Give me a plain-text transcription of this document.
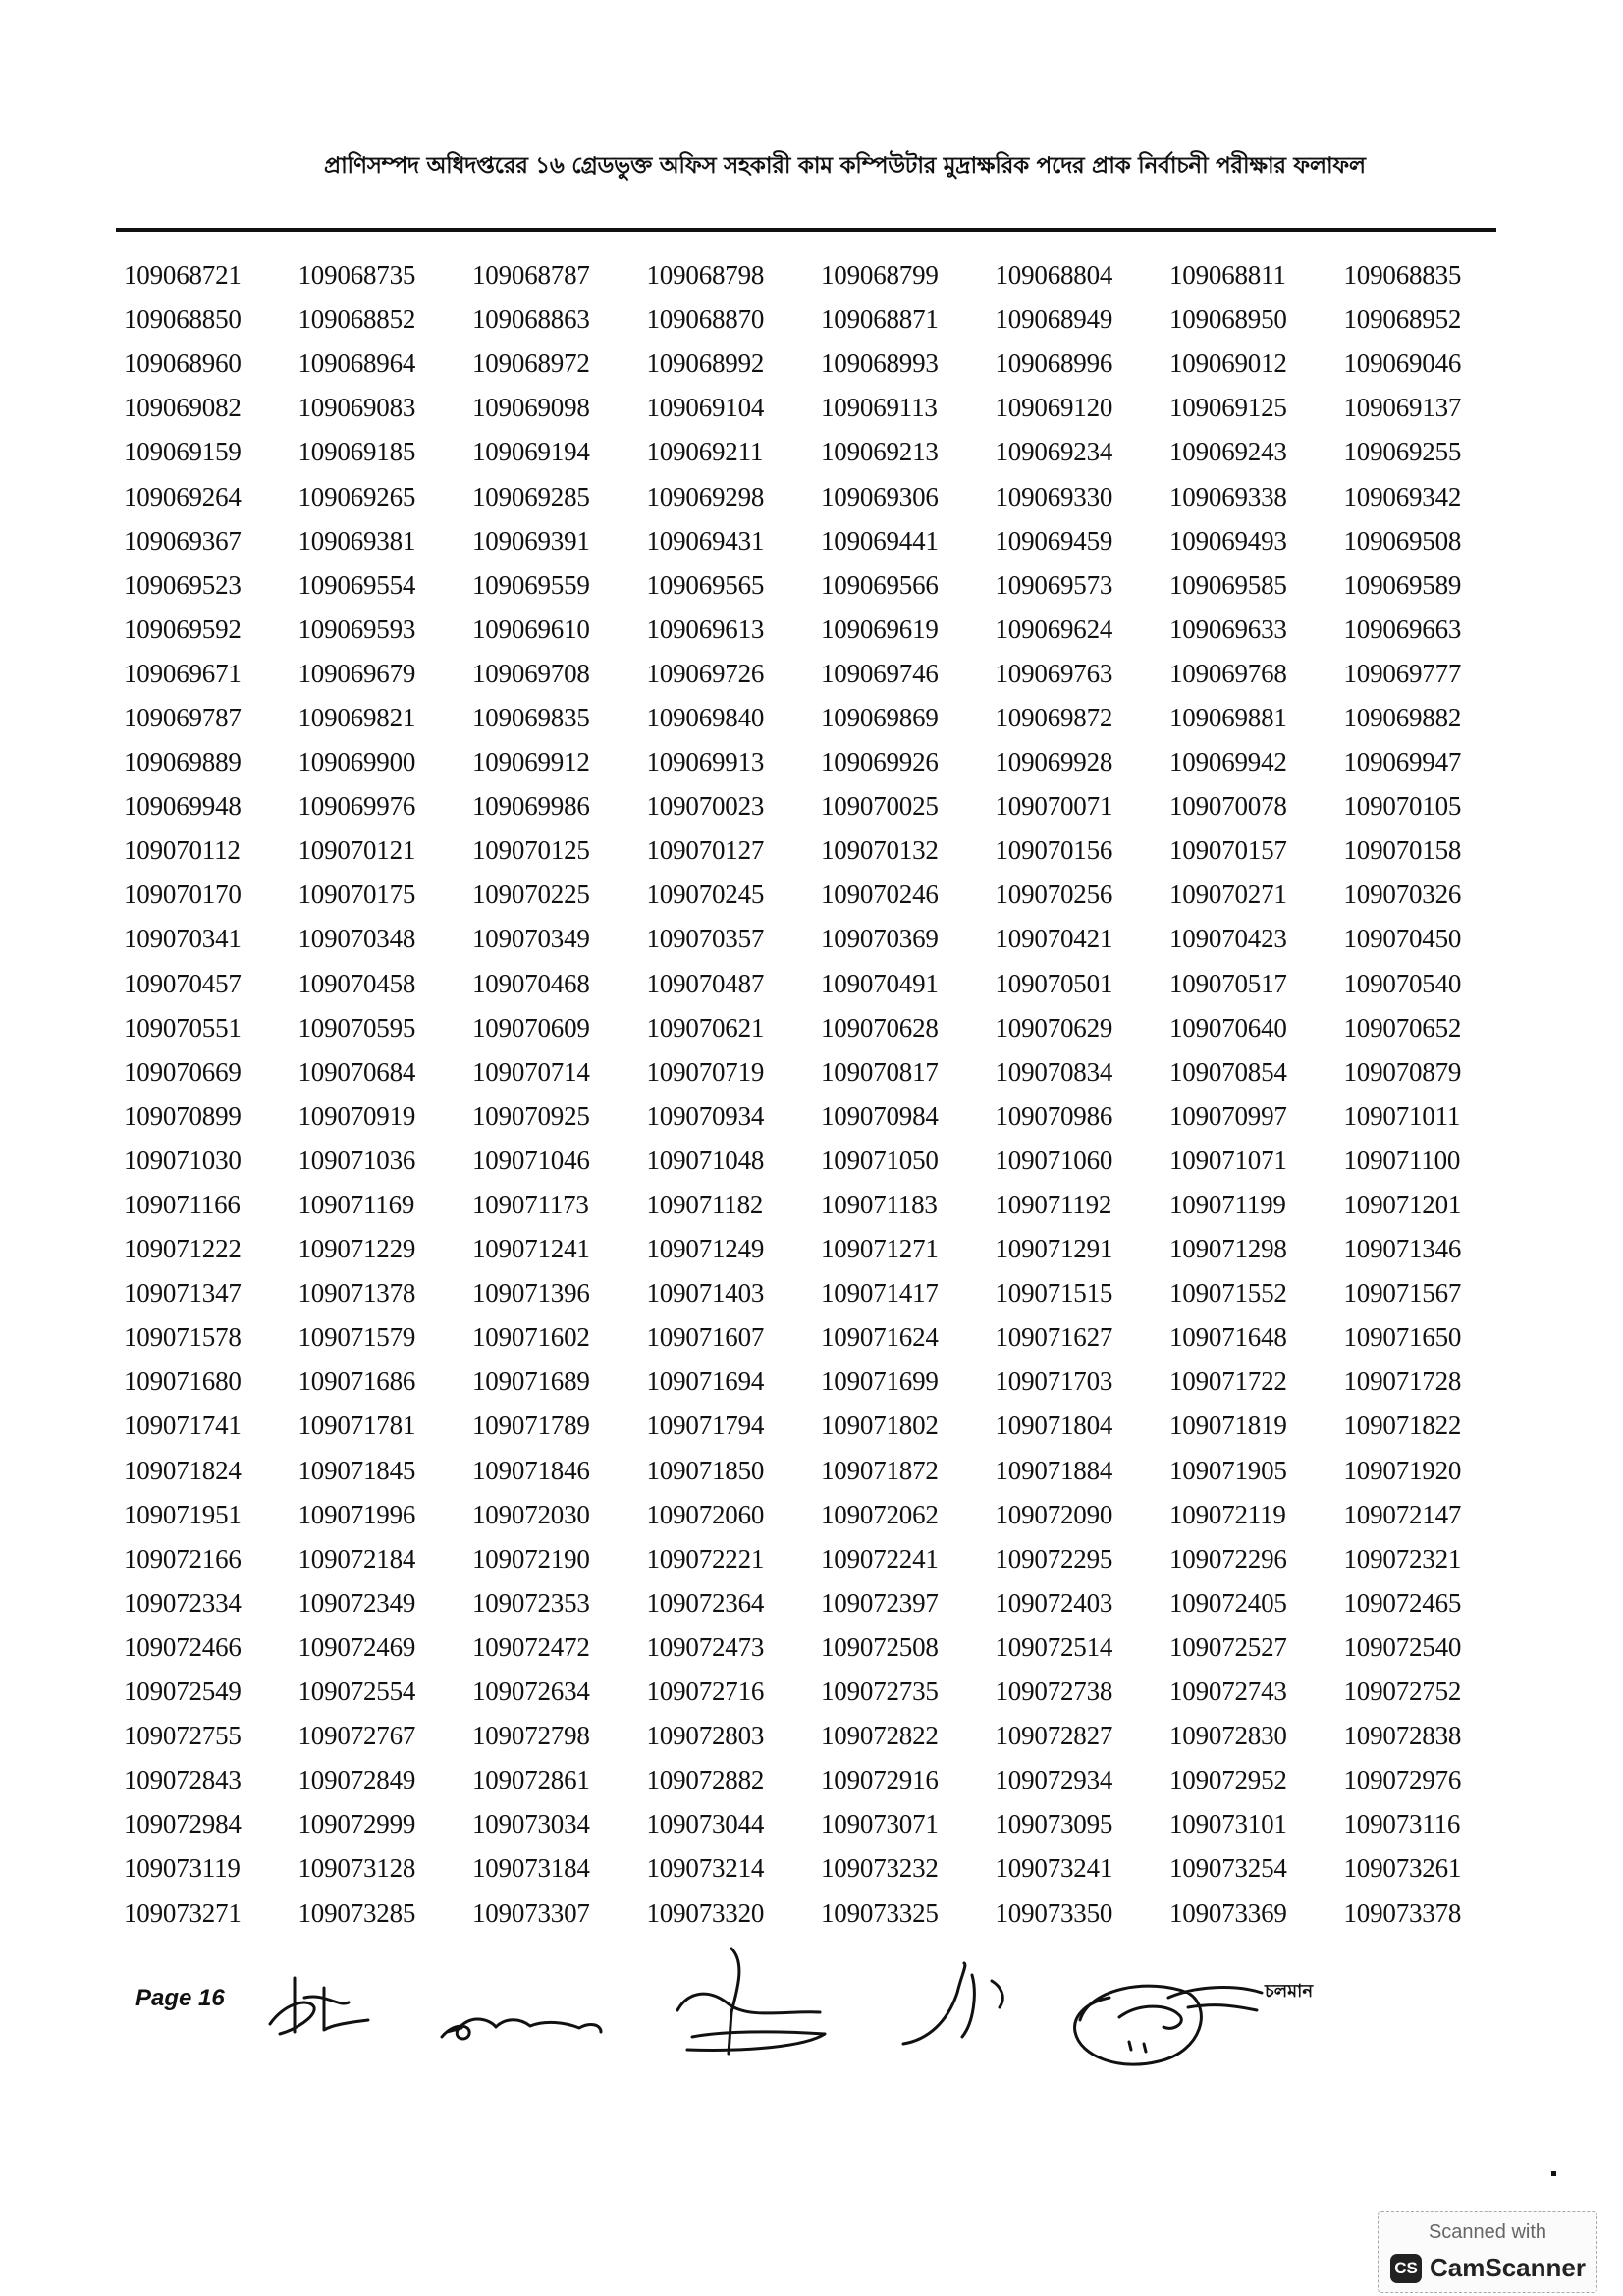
প্রাণিসম্পদ অধিদপ্তরের ১৬ গ্রেডভুক্ত অফিস সহকারী কাম কম্পিউটার মুদ্রাক্ষরিক পদের প্রাক নির্বাচনী পরীক্ষার ফলাফল
109068721	109068735	109068787	109068798	109068799	109068804	109068811	109068835
109068850	109068852	109068863	109068870	109068871	109068949	109068950	109068952
109068960	109068964	109068972	109068992	109068993	109068996	109069012	109069046
109069082	109069083	109069098	109069104	109069113	109069120	109069125	109069137
109069159	109069185	109069194	109069211	109069213	109069234	109069243	109069255
109069264	109069265	109069285	109069298	109069306	109069330	109069338	109069342
109069367	109069381	109069391	109069431	109069441	109069459	109069493	109069508
109069523	109069554	109069559	109069565	109069566	109069573	109069585	109069589
109069592	109069593	109069610	109069613	109069619	109069624	109069633	109069663
109069671	109069679	109069708	109069726	109069746	109069763	109069768	109069777
109069787	109069821	109069835	109069840	109069869	109069872	109069881	109069882
109069889	109069900	109069912	109069913	109069926	109069928	109069942	109069947
109069948	109069976	109069986	109070023	109070025	109070071	109070078	109070105
109070112	109070121	109070125	109070127	109070132	109070156	109070157	109070158
109070170	109070175	109070225	109070245	109070246	109070256	109070271	109070326
109070341	109070348	109070349	109070357	109070369	109070421	109070423	109070450
109070457	109070458	109070468	109070487	109070491	109070501	109070517	109070540
109070551	109070595	109070609	109070621	109070628	109070629	109070640	109070652
109070669	109070684	109070714	109070719	109070817	109070834	109070854	109070879
109070899	109070919	109070925	109070934	109070984	109070986	109070997	109071011
109071030	109071036	109071046	109071048	109071050	109071060	109071071	109071100
109071166	109071169	109071173	109071182	109071183	109071192	109071199	109071201
109071222	109071229	109071241	109071249	109071271	109071291	109071298	109071346
109071347	109071378	109071396	109071403	109071417	109071515	109071552	109071567
109071578	109071579	109071602	109071607	109071624	109071627	109071648	109071650
109071680	109071686	109071689	109071694	109071699	109071703	109071722	109071728
109071741	109071781	109071789	109071794	109071802	109071804	109071819	109071822
109071824	109071845	109071846	109071850	109071872	109071884	109071905	109071920
109071951	109071996	109072030	109072060	109072062	109072090	109072119	109072147
109072166	109072184	109072190	109072221	109072241	109072295	109072296	109072321
109072334	109072349	109072353	109072364	109072397	109072403	109072405	109072465
109072466	109072469	109072472	109072473	109072508	109072514	109072527	109072540
109072549	109072554	109072634	109072716	109072735	109072738	109072743	109072752
109072755	109072767	109072798	109072803	109072822	109072827	109072830	109072838
109072843	109072849	109072861	109072882	109072916	109072934	109072952	109072976
109072984	109072999	109073034	109073044	109073071	109073095	109073101	109073116
109073119	109073128	109073184	109073214	109073232	109073241	109073254	109073261
109073271	109073285	109073307	109073320	109073325	109073350	109073369	109073378
Page 16	চলমান
Scanned with
CS CamScanner
